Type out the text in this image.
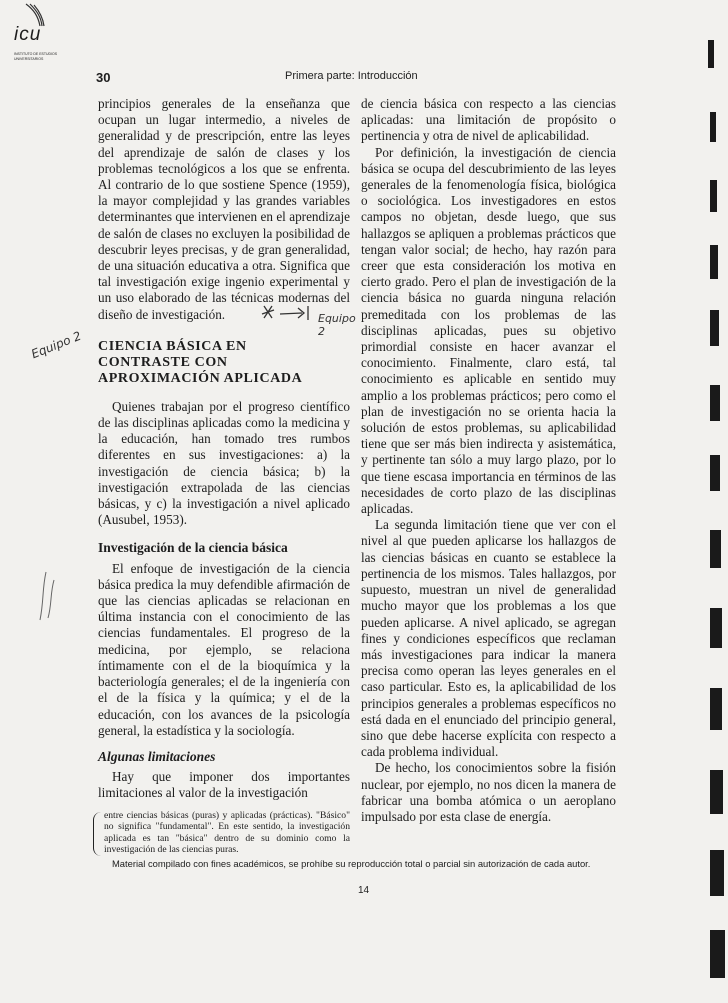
icu
INSTITUTO DE ESTUDIOS UNIVERSITARIOS
30	Primera parte: Introducción

principios generales de la enseñanza que ocupan un lugar intermedio, a niveles de generalidad y de prescripción, entre las leyes del aprendizaje de salón de clases y los problemas tecnológicos a los que se enfrenta. Al contrario de lo que sostiene Spence (1959), la mayor complejidad y las grandes variables determinantes que intervienen en el aprendizaje de salón de clases no excluyen la posibilidad de descubrir leyes precisas, y de gran generalidad, de una situación educativa a otra. Significa que tal investigación exige ingenio experimental y un uso elaborado de las técnicas modernas del diseño de investigación.

CIENCIA BÁSICA EN
CONTRASTE CON
APROXIMACIÓN APLICADA

Quienes trabajan por el progreso científico de las disciplinas aplicadas como la medicina y la educación, han tomado tres rumbos diferentes en sus investigaciones: a) la investigación de ciencia básica; b) la investigación extrapolada de las ciencias básicas, y c) la investigación a nivel aplicado (Ausubel, 1953).

Investigación de la ciencia básica

El enfoque de investigación de la ciencia básica predica la muy defendible afirmación de que las ciencias aplicadas se relacionan en última instancia con el conocimiento de las ciencias fundamentales. El progreso de la medicina, por ejemplo, se relaciona íntimamente con el de la bioquímica y la bacteriología generales; el de la ingeniería con el de la física y la química; y el de la educación, con los avances de la psicología general, la estadística y la sociología.

Algunas limitaciones

Hay que imponer dos importantes limitaciones al valor de la investigación

entre ciencias básicas (puras) y aplicadas (prácticas). "Básico" no significa "fundamental". En este sentido, la investigación aplicada es tan "básica" dentro de su dominio como la investigación de las ciencias puras.

de ciencia básica con respecto a las ciencias aplicadas: una limitación de propósito o pertinencia y otra de nivel de aplicabilidad.

Por definición, la investigación de ciencia básica se ocupa del descubrimiento de las leyes generales de la fenomenología física, biológica o sociológica. Los investigadores en estos campos no objetan, desde luego, que sus hallazgos se apliquen a problemas prácticos que tengan valor social; de hecho, hay razón para creer que esta consideración los motiva en cierto grado. Pero el plan de investigación de la ciencia básica no guarda ninguna relación premeditada con los problemas de las disciplinas aplicadas, pues su objetivo primordial consiste en hacer avanzar el conocimiento. Finalmente, claro está, tal conocimiento es aplicable en sentido muy amplio a los problemas prácticos; pero como el plan de investigación no se orienta hacia la solución de estos problemas, su aplicabilidad tiene que ser más bien indirecta y asistemática, y pertinente tan sólo a muy largo plazo, por lo que tiene escasa importancia en términos de las necesidades de corto plazo de las disciplinas aplicadas.

La segunda limitación tiene que ver con el nivel al que pueden aplicarse los hallazgos de las ciencias básicas en cuanto se establece la pertinencia de los mismos. Tales hallazgos, por supuesto, muestran un nivel de generalidad mucho mayor que los problemas a los que pueden aplicarse. A nivel aplicado, se agregan fines y condiciones específicos que reclaman más investigaciones para indicar la manera precisa como operan las leyes generales en el caso particular. Esto es, la aplicabilidad de los principios generales a problemas específicos no está dada en el enunciado del principio general, sino que debe hacerse explícita con respecto a cada problema individual.

De hecho, los conocimientos sobre la fisión nuclear, por ejemplo, no nos dicen la manera de fabricar una bomba atómica o un aeroplano impulsado por esta clase de energía.

Equipo 2
Equipo 2
Material compilado con fines académicos, se prohíbe su reproducción total o parcial sin autorización de cada autor.
14
